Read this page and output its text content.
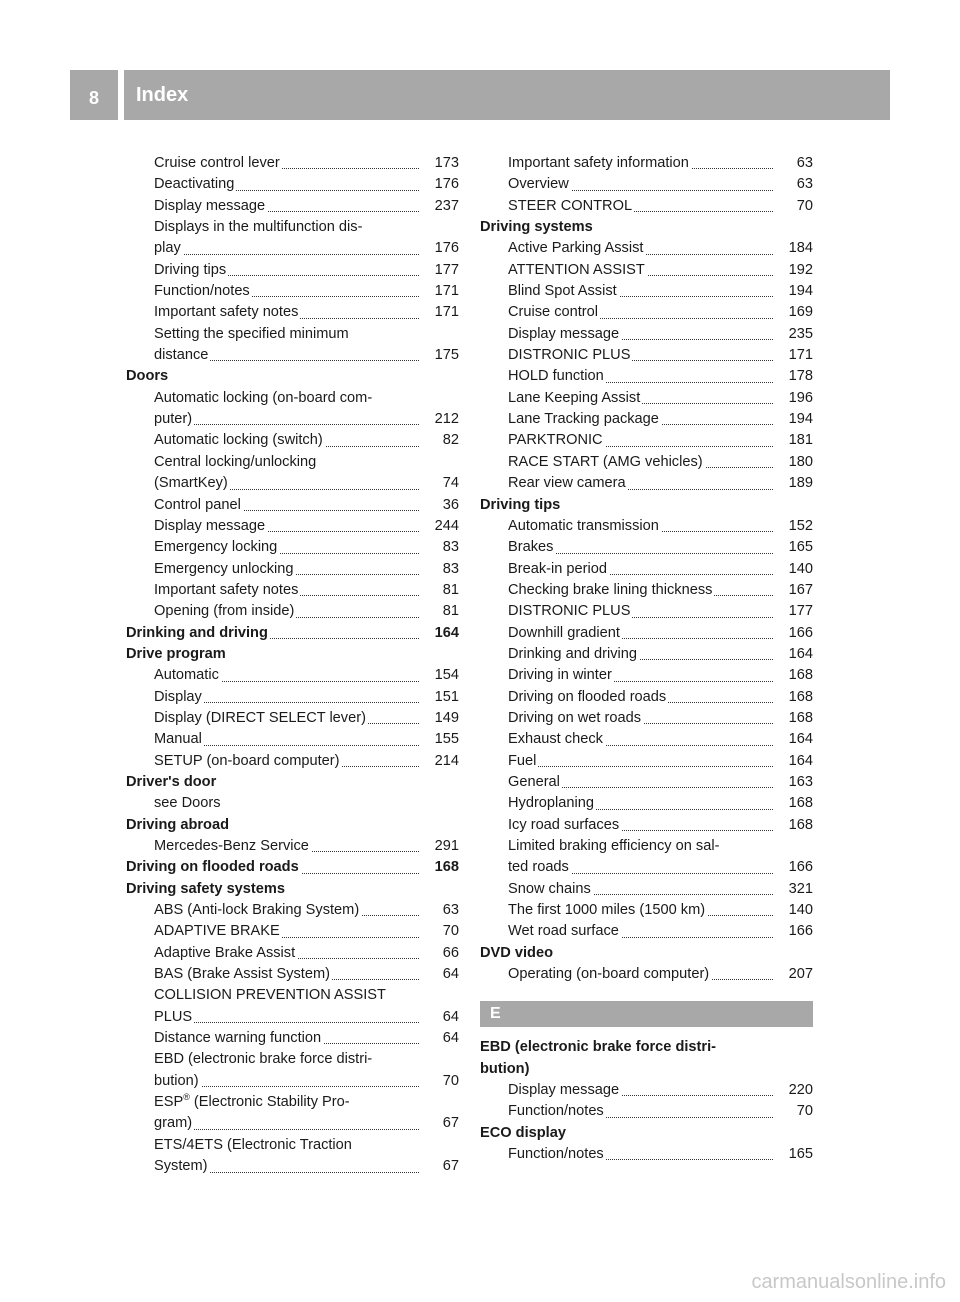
8	Index
Cruise control lever	173
Deactivating	176
Display message	237
Displays in the multifunction dis-
play	176
Driving tips	177
Function/notes	171
Important safety notes	171
Setting the specified minimum
distance	175
Doors
Automatic locking (on-board com-
puter)	212
Automatic locking (switch)	82
Central locking/unlocking
(SmartKey)	74
Control panel	36
Display message	244
Emergency locking	83
Emergency unlocking	83
Important safety notes	81
Opening (from inside)	81
Drinking and driving	164
Drive program
Automatic	154
Display	151
Display (DIRECT SELECT lever)	149
Manual	155
SETUP (on-board computer)	214
Driver's door
see Doors
Driving abroad
Mercedes-Benz Service	291
Driving on flooded roads	168
Driving safety systems
ABS (Anti-lock Braking System)	63
ADAPTIVE BRAKE	70
Adaptive Brake Assist	66
BAS (Brake Assist System)	64
COLLISION PREVENTION ASSIST
PLUS	64
Distance warning function	64
EBD (electronic brake force distri-
bution)	70
ESP® (Electronic Stability Pro-
gram)	67
ETS/4ETS (Electronic Traction
System)	67
Important safety information	63
Overview	63
STEER CONTROL	70
Driving systems
Active Parking Assist	184
ATTENTION ASSIST	192
Blind Spot Assist	194
Cruise control	169
Display message	235
DISTRONIC PLUS	171
HOLD function	178
Lane Keeping Assist	196
Lane Tracking package	194
PARKTRONIC	181
RACE START (AMG vehicles)	180
Rear view camera	189
Driving tips
Automatic transmission	152
Brakes	165
Break-in period	140
Checking brake lining thickness	167
DISTRONIC PLUS	177
Downhill gradient	166
Drinking and driving	164
Driving in winter	168
Driving on flooded roads	168
Driving on wet roads	168
Exhaust check	164
Fuel	164
General	163
Hydroplaning	168
Icy road surfaces	168
Limited braking efficiency on sal-
ted roads	166
Snow chains	321
The first 1000 miles (1500 km)	140
Wet road surface	166
DVD video
Operating (on-board computer)	207
E
EBD (electronic brake force distri-
bution)
Display message	220
Function/notes	70
ECO display
Function/notes	165
carmanualsonline.info
